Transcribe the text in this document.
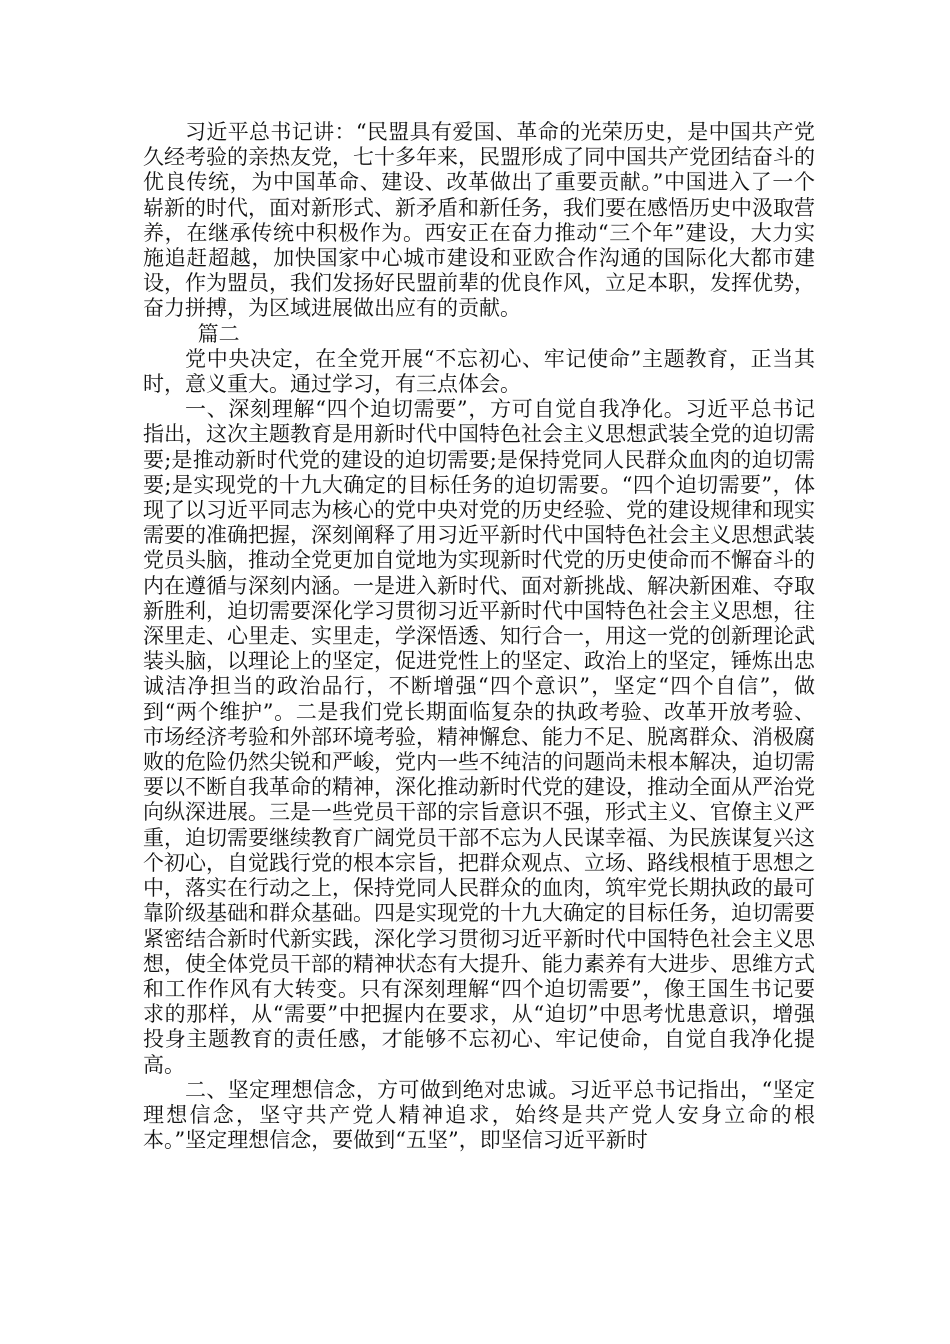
习近平总书记讲：“民盟具有爱国、革命的光荣历史，是中国共产党久经考验的亲热友党，七十多年来，民盟形成了同中国共产党团结奋斗的优良传统，为中国革命、建设、改革做出了重要贡献。”中国进入了一个崭新的时代，面对新形式、新矛盾和新任务，我们要在感悟历史中汲取营养，在继承传统中积极作为。西安正在奋力推动“三个年”建设，大力实施追赶超越，加快国家中心城市建设和亚欧合作沟通的国际化大都市建设，作为盟员，我们发扬好民盟前辈的优良作风，立足本职，发挥优势，奋力拼搏，为区域进展做出应有的贡献。

篇二

党中央决定，在全党开展“不忘初心、牢记使命”主题教育，正当其时，意义重大。通过学习，有三点体会。

一、深刻理解“四个迫切需要”，方可自觉自我净化。习近平总书记指出，这次主题教育是用新时代中国特色社会主义思想武装全党的迫切需要;是推动新时代党的建设的迫切需要;是保持党同人民群众血肉的迫切需要;是实现党的十九大确定的目标任务的迫切需要。“四个迫切需要”，体现了以习近平同志为核心的党中央对党的历史经验、党的建设规律和现实需要的准确把握，深刻阐释了用习近平新时代中国特色社会主义思想武装党员头脑，推动全党更加自觉地为实现新时代党的历史使命而不懈奋斗的内在遵循与深刻内涵。一是进入新时代、面对新挑战、解决新困难、夺取新胜利，迫切需要深化学习贯彻习近平新时代中国特色社会主义思想，往深里走、心里走、实里走，学深悟透、知行合一，用这一党的创新理论武装头脑，以理论上的坚定，促进党性上的坚定、政治上的坚定，锤炼出忠诚洁净担当的政治品行，不断增强“四个意识”，坚定“四个自信”，做到“两个维护”。二是我们党长期面临复杂的执政考验、改革开放考验、市场经济考验和外部环境考验，精神懈怠、能力不足、脱离群众、消极腐败的危险仍然尖锐和严峻，党内一些不纯洁的问题尚未根本解决，迫切需要以不断自我革命的精神，深化推动新时代党的建设，推动全面从严治党向纵深进展。三是一些党员干部的宗旨意识不强，形式主义、官僚主义严重，迫切需要继续教育广阔党员干部不忘为人民谋幸福、为民族谋复兴这个初心，自觉践行党的根本宗旨，把群众观点、立场、路线根植于思想之中，落实在行动之上，保持党同人民群众的血肉，筑牢党长期执政的最可靠阶级基础和群众基础。四是实现党的十九大确定的目标任务，迫切需要紧密结合新时代新实践，深化学习贯彻习近平新时代中国特色社会主义思想，使全体党员干部的精神状态有大提升、能力素养有大进步、思维方式和工作作风有大转变。只有深刻理解“四个迫切需要”，像王国生书记要求的那样，从“需要”中把握内在要求，从“迫切”中思考忧患意识，增强投身主题教育的责任感，才能够不忘初心、牢记使命，自觉自我净化提高。

二、坚定理想信念，方可做到绝对忠诚。习近平总书记指出，“坚定理想信念，坚守共产党人精神追求，始终是共产党人安身立命的根本。”坚定理想信念，要做到“五坚”，即坚信习近平新时
